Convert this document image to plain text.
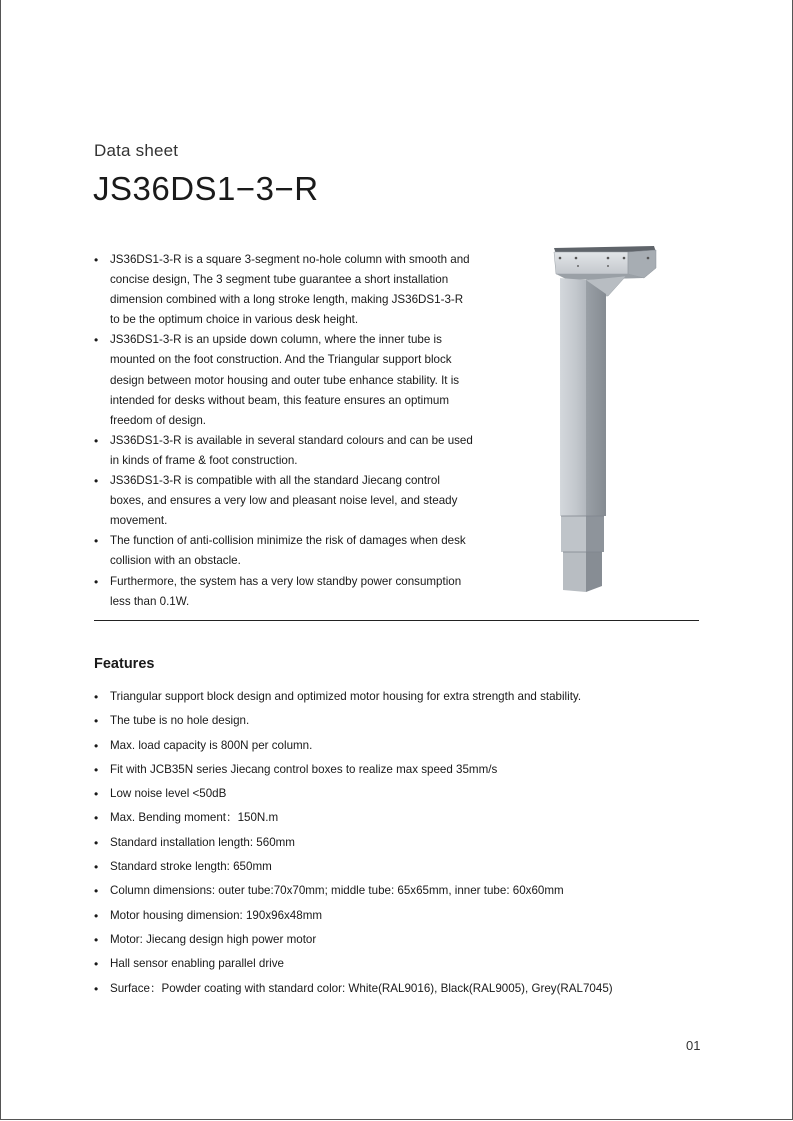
Data sheet
JS36DS1−3−R
• JS36DS1-3-R is a square 3-segment no-hole column with smooth and concise design, The 3 segment tube guarantee a short installation dimension combined with a long stroke length, making JS36DS1-3-R to be the optimum choice in various desk height.
• JS36DS1-3-R is an upside down column, where the inner tube is mounted on the foot construction. And the Triangular support block design between motor housing and outer tube enhance stability. It is intended for desks without beam, this feature ensures an optimum freedom of design.
• JS36DS1-3-R is available in several standard colours and can be used in kinds of frame & foot construction.
• JS36DS1-3-R is compatible with all the standard Jiecang control boxes, and ensures a very low and pleasant noise level, and steady movement.
• The function of anti-collision minimize the risk of damages when desk collision with an obstacle.
• Furthermore, the system has a very low standby power consumption less than 0.1W.
Features
• Triangular support block design and optimized motor housing for extra strength and stability.
• The tube is no hole design.
• Max. load capacity is 800N per column.
• Fit with JCB35N series Jiecang control boxes to realize max speed 35mm/s
• Low noise level <50dB
• Max. Bending moment：150N.m
• Standard installation length: 560mm
• Standard stroke length: 650mm
• Column dimensions: outer tube:70x70mm; middle tube: 65x65mm, inner tube: 60x60mm
• Motor housing dimension: 190x96x48mm
• Motor: Jiecang design high power motor
• Hall sensor enabling parallel drive
• Surface：Powder coating with standard color: White(RAL9016), Black(RAL9005), Grey(RAL7045)
01
